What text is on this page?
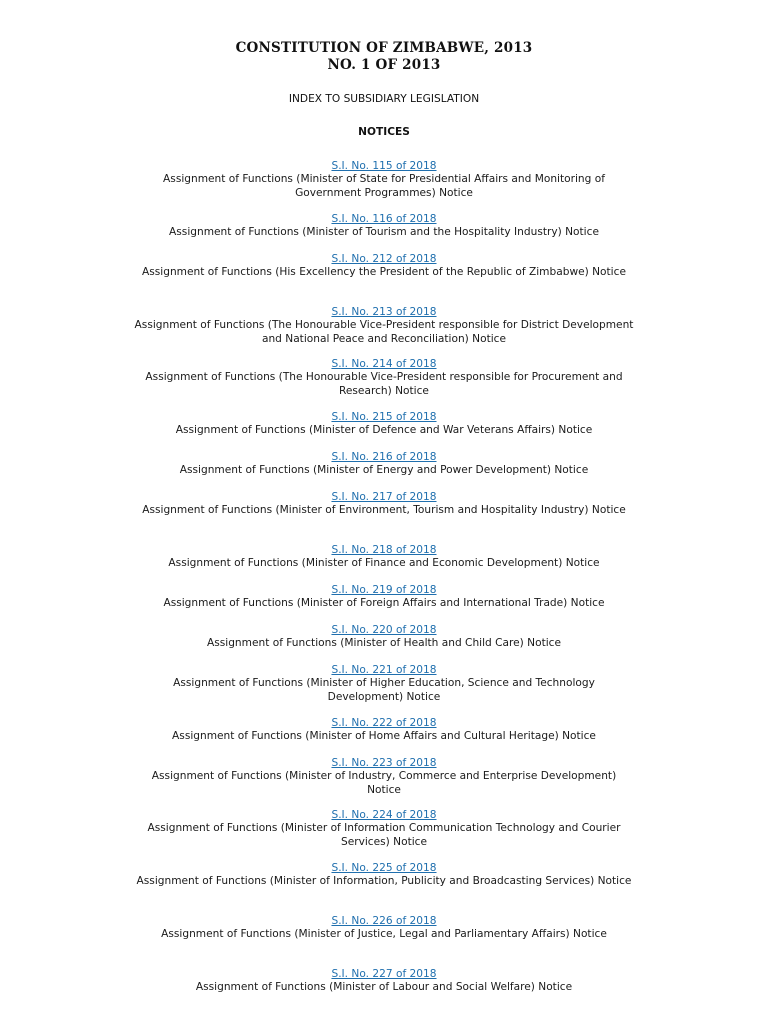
CONSTITUTION OF ZIMBABWE, 2013
NO. 1 OF 2013

INDEX TO SUBSIDIARY LEGISLATION

NOTICES

S.I. No. 115 of 2018
Assignment of Functions (Minister of State for Presidential Affairs and Monitoring of Government Programmes) Notice
S.I. No. 116 of 2018
Assignment of Functions (Minister of Tourism and the Hospitality Industry) Notice
S.I. No. 212 of 2018
Assignment of Functions (His Excellency the President of the Republic of Zimbabwe) Notice
S.I. No. 213 of 2018
Assignment of Functions (The Honourable Vice-President responsible for District Development and National Peace and Reconciliation) Notice
S.I. No. 214 of 2018
Assignment of Functions (The Honourable Vice-President responsible for Procurement and Research) Notice
S.I. No. 215 of 2018
Assignment of Functions (Minister of Defence and War Veterans Affairs) Notice
S.I. No. 216 of 2018
Assignment of Functions (Minister of Energy and Power Development) Notice
S.I. No. 217 of 2018
Assignment of Functions (Minister of Environment, Tourism and Hospitality Industry) Notice
S.I. No. 218 of 2018
Assignment of Functions (Minister of Finance and Economic Development) Notice
S.I. No. 219 of 2018
Assignment of Functions (Minister of Foreign Affairs and International Trade) Notice
S.I. No. 220 of 2018
Assignment of Functions (Minister of Health and Child Care) Notice
S.I. No. 221 of 2018
Assignment of Functions (Minister of Higher Education, Science and Technology Development) Notice
S.I. No. 222 of 2018
Assignment of Functions (Minister of Home Affairs and Cultural Heritage) Notice
S.I. No. 223 of 2018
Assignment of Functions (Minister of Industry, Commerce and Enterprise Development) Notice
S.I. No. 224 of 2018
Assignment of Functions (Minister of Information Communication Technology and Courier Services) Notice
S.I. No. 225 of 2018
Assignment of Functions (Minister of Information, Publicity and Broadcasting Services) Notice
S.I. No. 226 of 2018
Assignment of Functions (Minister of Justice, Legal and Parliamentary Affairs) Notice
S.I. No. 227 of 2018
Assignment of Functions (Minister of Labour and Social Welfare) Notice
